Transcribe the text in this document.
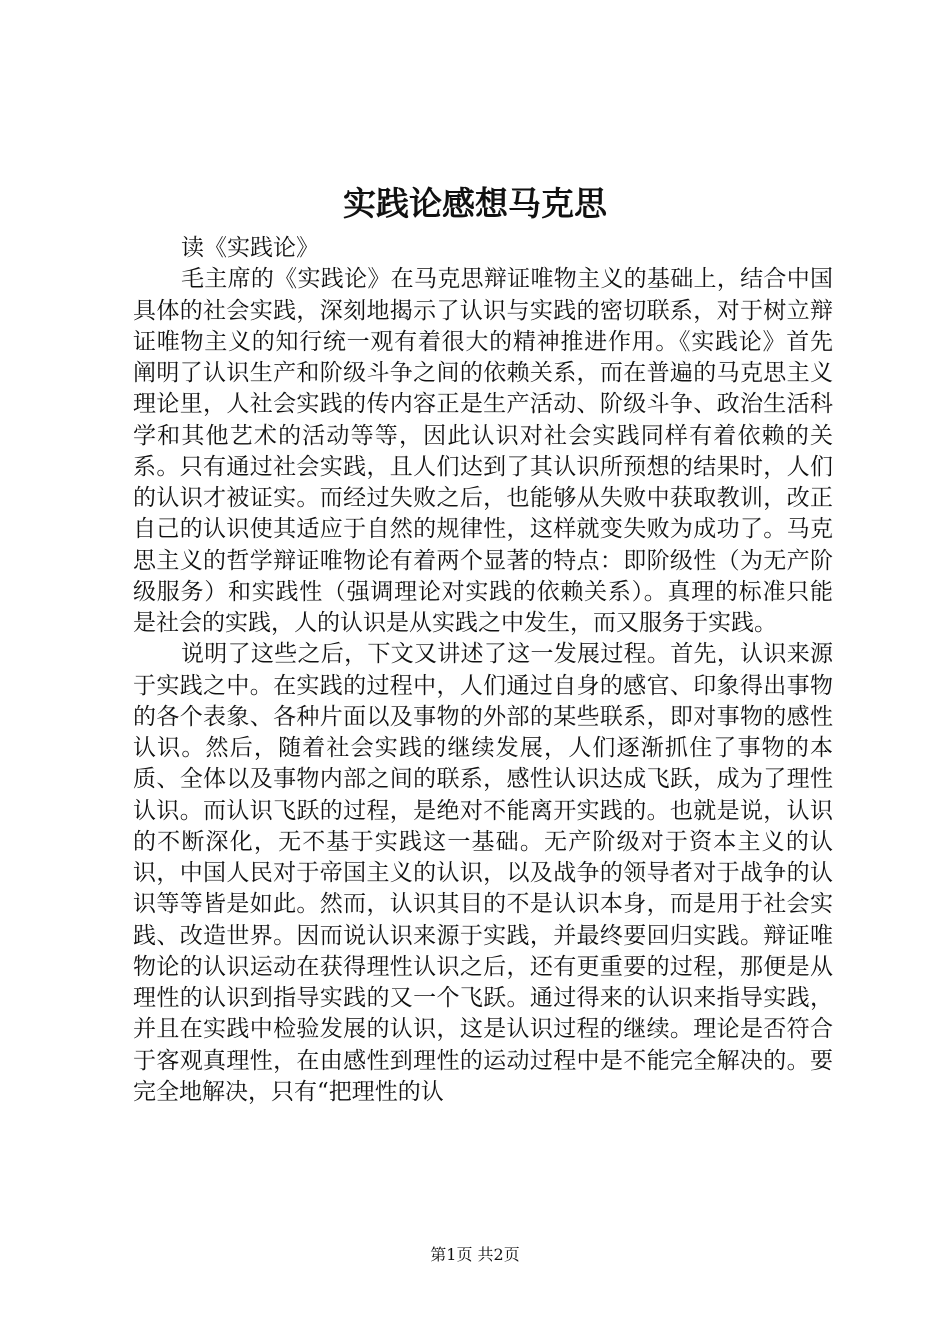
实践论感想马克思

读《实践论》

毛主席的《实践论》在马克思辩证唯物主义的基础上，结合中国具体的社会实践，深刻地揭示了认识与实践的密切联系，对于树立辩证唯物主义的知行统一观有着很大的精神推进作用。《实践论》首先阐明了认识生产和阶级斗争之间的依赖关系，而在普遍的马克思主义理论里，人社会实践的传内容正是生产活动、阶级斗争、政治生活科学和其他艺术的活动等等，因此认识对社会实践同样有着依赖的关系。只有通过社会实践，且人们达到了其认识所预想的结果时，人们的认识才被证实。而经过失败之后，也能够从失败中获取教训，改正自己的认识使其适应于自然的规律性，这样就变失败为成功了。马克思主义的哲学辩证唯物论有着两个显著的特点：即阶级性（为无产阶级服务）和实践性（强调理论对实践的依赖关系）。真理的标准只能是社会的实践，人的认识是从实践之中发生，而又服务于实践。

说明了这些之后，下文又讲述了这一发展过程。首先，认识来源于实践之中。在实践的过程中，人们通过自身的感官、印象得出事物的各个表象、各种片面以及事物的外部的某些联系，即对事物的感性认识。然后，随着社会实践的继续发展，人们逐渐抓住了事物的本质、全体以及事物内部之间的联系，感性认识达成飞跃，成为了理性认识。而认识飞跃的过程，是绝对不能离开实践的。也就是说，认识的不断深化，无不基于实践这一基础。无产阶级对于资本主义的认识，中国人民对于帝国主义的认识，以及战争的领导者对于战争的认识等等皆是如此。然而，认识其目的不是认识本身，而是用于社会实践、改造世界。因而说认识来源于实践，并最终要回归实践。辩证唯物论的认识运动在获得理性认识之后，还有更重要的过程，那便是从理性的认识到指导实践的又一个飞跃。通过得来的认识来指导实践，并且在实践中检验发展的认识，这是认识过程的继续。理论是否符合于客观真理性，在由感性到理性的运动过程中是不能完全解决的。要完全地解决，只有“把理性的认

第1页 共2页
